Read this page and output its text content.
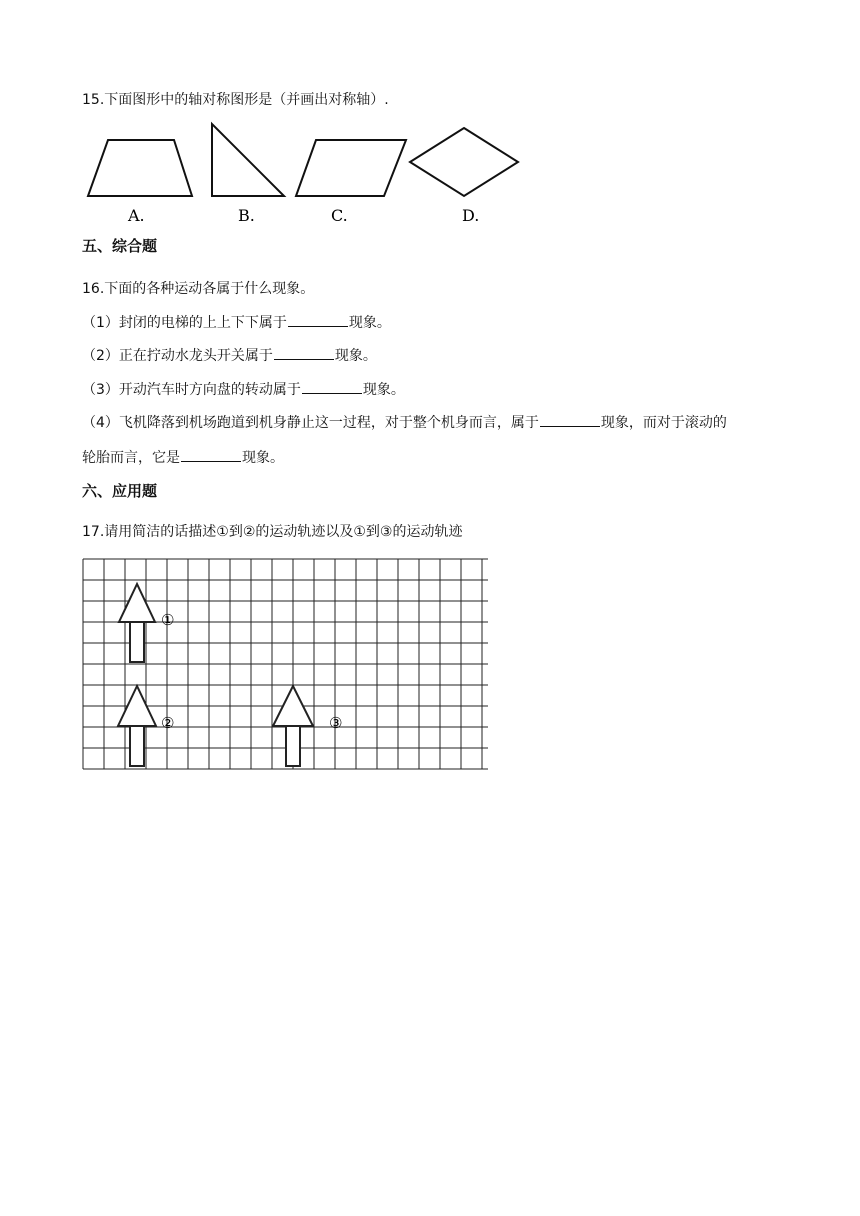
15.下面图形中的轴对称图形是（并画出对称轴）.
A.	B.	C.	D.
五、综合题
16.下面的各种运动各属于什么现象。
（1）封闭的电梯的上上下下属于	现象。
（2）正在拧动水龙头开关属于	现象。
（3）开动汽车时方向盘的转动属于	现象。
（4）飞机降落到机场跑道到机身静止这一过程，对于整个机身而言，属于	现象，而对于滚动的
轮胎而言，它是	现象。
六、应用题
17.请用简洁的话描述①到②的运动轨迹以及①到③的运动轨迹
①
②	③
